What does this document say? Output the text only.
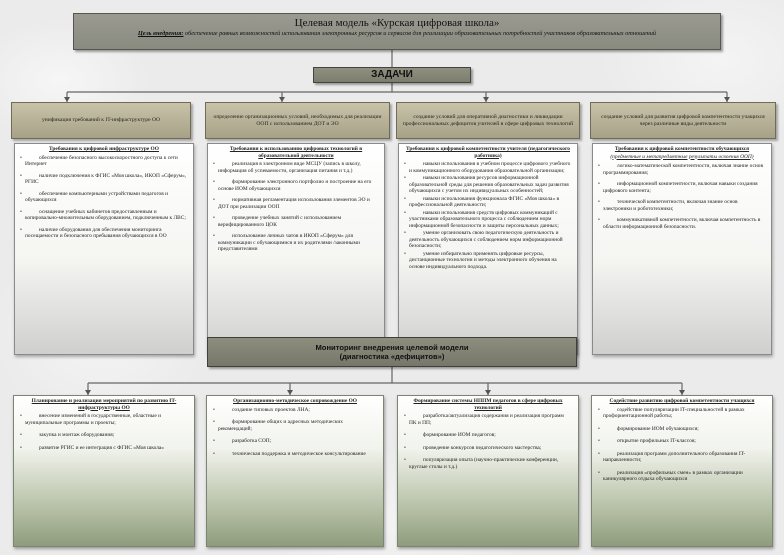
Целевая модель «Курская цифровая школа»
Цель внедрения: обеспечение равных возможностей использования электронных ресурсов и сервисов для реализации образовательных потребностей участников образовательных отношений
ЗАДАЧИ
унификация требований к IT-инфраструктуре ОО
определение организационных условий, необходимых для реализации ООП с использованием ДОТ и ЭО
создание условий для оперативной диагностики и ликвидации профессиональных дефицитов учителей в сфере цифровых технологий
создание условий для развития цифровой компетентности учащихся через различные виды деятельности
Требования к цифровой инфраструктуре ОО
• обеспечение безопасного высокоскоростного доступа к сети Интернет
• наличие подключения к ФГИС «Моя школа», ИКОП «Сферум», РГИС
• обеспечение компьютерными устройствами педагогов и обучающихся
• оснащение учебных кабинетов предоставленным и копировально-множительным оборудованием, подключенным к ЛВС;
• наличие оборудования для обеспечения мониторинга посещаемости и безопасного пребывания обучающихся в ОО
Требования к использованию цифровых технологий в образовательной деятельности
• реализация в электронном виде МСЦУ (запись в школу, информация об успеваемости, организация питания и т.д.)
• формирование электронного портфолио и построение на его основе ИОМ обучающихся
• нормативная регламентация использования элементов ЭО и ДОТ при реализации ООП
• проведение учебных занятий с использованием верифицированного ЦОК
• использование личных чатов в ИКОП «Сферум» для коммуникации с обучающимися и их родителями /законными представителями
Требования к цифровой компетентности учителя (педагогического работника)
• навыки использования в учебном процессе цифрового учебного и коммуникационного оборудования образовательной организации;
• навыки использования ресурсов информационной образовательной среды для решения образовательных задач развития обучающихся с учетом их индивидуальных особенностей;
• навыки использования функционала ФГИС «Моя школа» в профессиональной деятельности;
• навыки использования средств цифровых коммуникаций с участниками образовательного процесса с соблюдением норм информационной безопасности и защиты персональных данных;
• умение организовать свою педагогическую деятельность и деятельность обучающихся с соблюдением норм информационной безопасности;
• умение избирательно применять цифровые ресурсы, дистанционные технологии и методы электронного обучения на основе индивидуального подхода.
Требования к цифровой компетентности обучающихся
(предметные и метапредметные результаты освоения ООП)
• логико-математической компетентности, включая знание основ программирования;
• информационной компетентности, включая навыки создания цифрового контента;
• технической компетентности, включая знание основ электроники и робототехники;
• коммуникативной компетентности, включая компетентность в области информационной безопасности.
Мониторинг внедрения целевой модели
(диагностика «дефицитов»)
Планирование и реализация мероприятий по развитию IT-инфраструктуры ОО
• внесение изменений в государственные, областные и муниципальные программы и проекты;
• закупка и монтаж оборудования;
• развитие РГИС и ее интеграция с ФГИС «Моя школа»
Организационно-методическое сопровождение ОО
• создание типовых проектов ЛНА;
• формирование общих и адресных методических рекомендаций;
• разработка СОП;
• техническая поддержка и методическое консультирование
Формирование системы НППМ педагогов в сфере цифровых технологий
• разработка/актуализация содержания и реализация программ ПК и ПП;
• формирование ИОМ педагогов;
• проведение конкурсов педагогического мастерства;
• популяризация опыта (научно-практические конференции, круглые столы и т.д.)
Содействие развитию цифровой компетентности учащихся
• содействие популяризации IT-специальностей в рамках профориентационной работы;
• формирование ИОМ обучающихся;
• открытие профильных IT-классов;
• реализация программ дополнительного образования IT-направленности;
• реализация «профильных смен» в рамках организации каникулярного отдыха обучающихся
